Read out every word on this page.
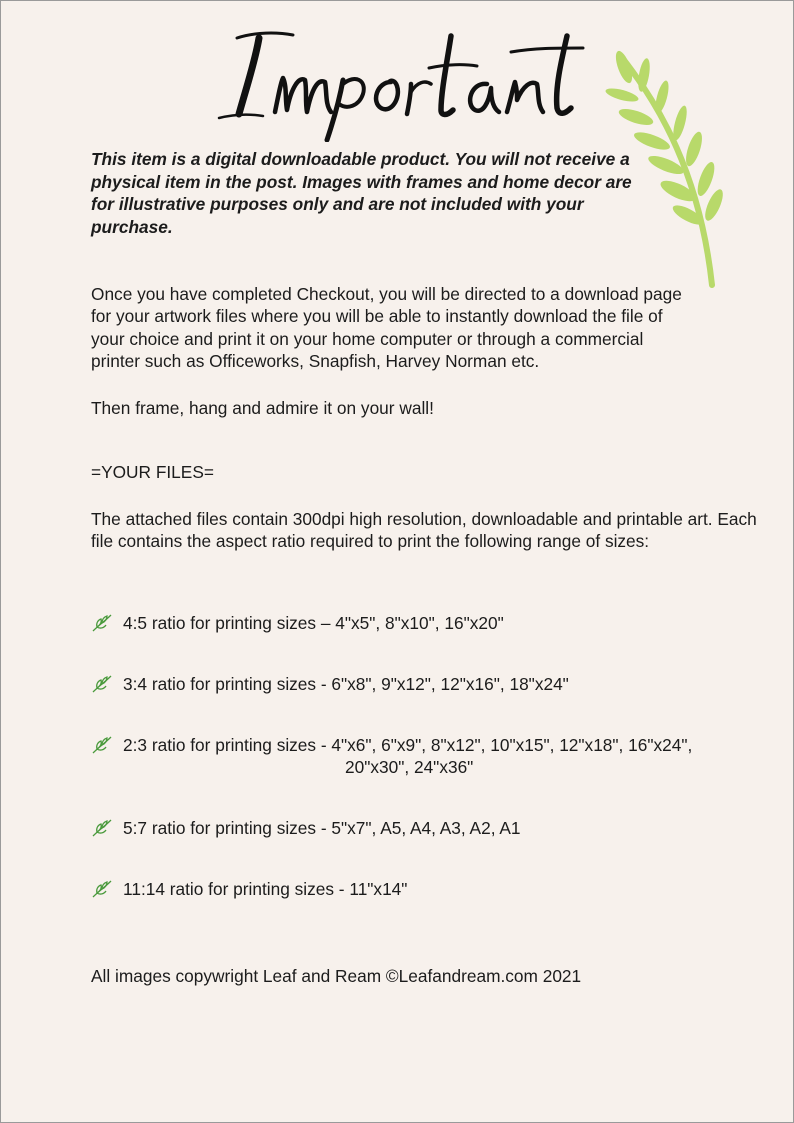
This item is a digital downloadable product. You will not receive a physical item in the post. Images with frames and home decor are for illustrative purposes only and are not included with your purchase.

Once you have completed Checkout, you will be directed to a download page for your artwork files where you will be able to instantly download the file of your choice and print it on your home computer or through a commercial printer such as Officeworks, Snapfish, Harvey Norman etc.

Then frame, hang and admire it on your wall!

=YOUR FILES=

The attached files contain 300dpi high resolution, downloadable and printable art. Each file contains the aspect ratio required to print the following range of sizes:

4:5 ratio for printing sizes – 4"x5", 8"x10", 16"x20"
3:4 ratio for printing sizes - 6"x8", 9"x12", 12"x16", 18"x24"
2:3 ratio for printing sizes - 4"x6", 6"x9", 8"x12", 10"x15", 12"x18", 16"x24",
20"x30", 24"x36"
5:7 ratio for printing sizes - 5"x7", A5, A4, A3, A2, A1
11:14 ratio for printing sizes - 11"x14"

All images copywright Leaf and Ream ©Leafandream.com 2021
